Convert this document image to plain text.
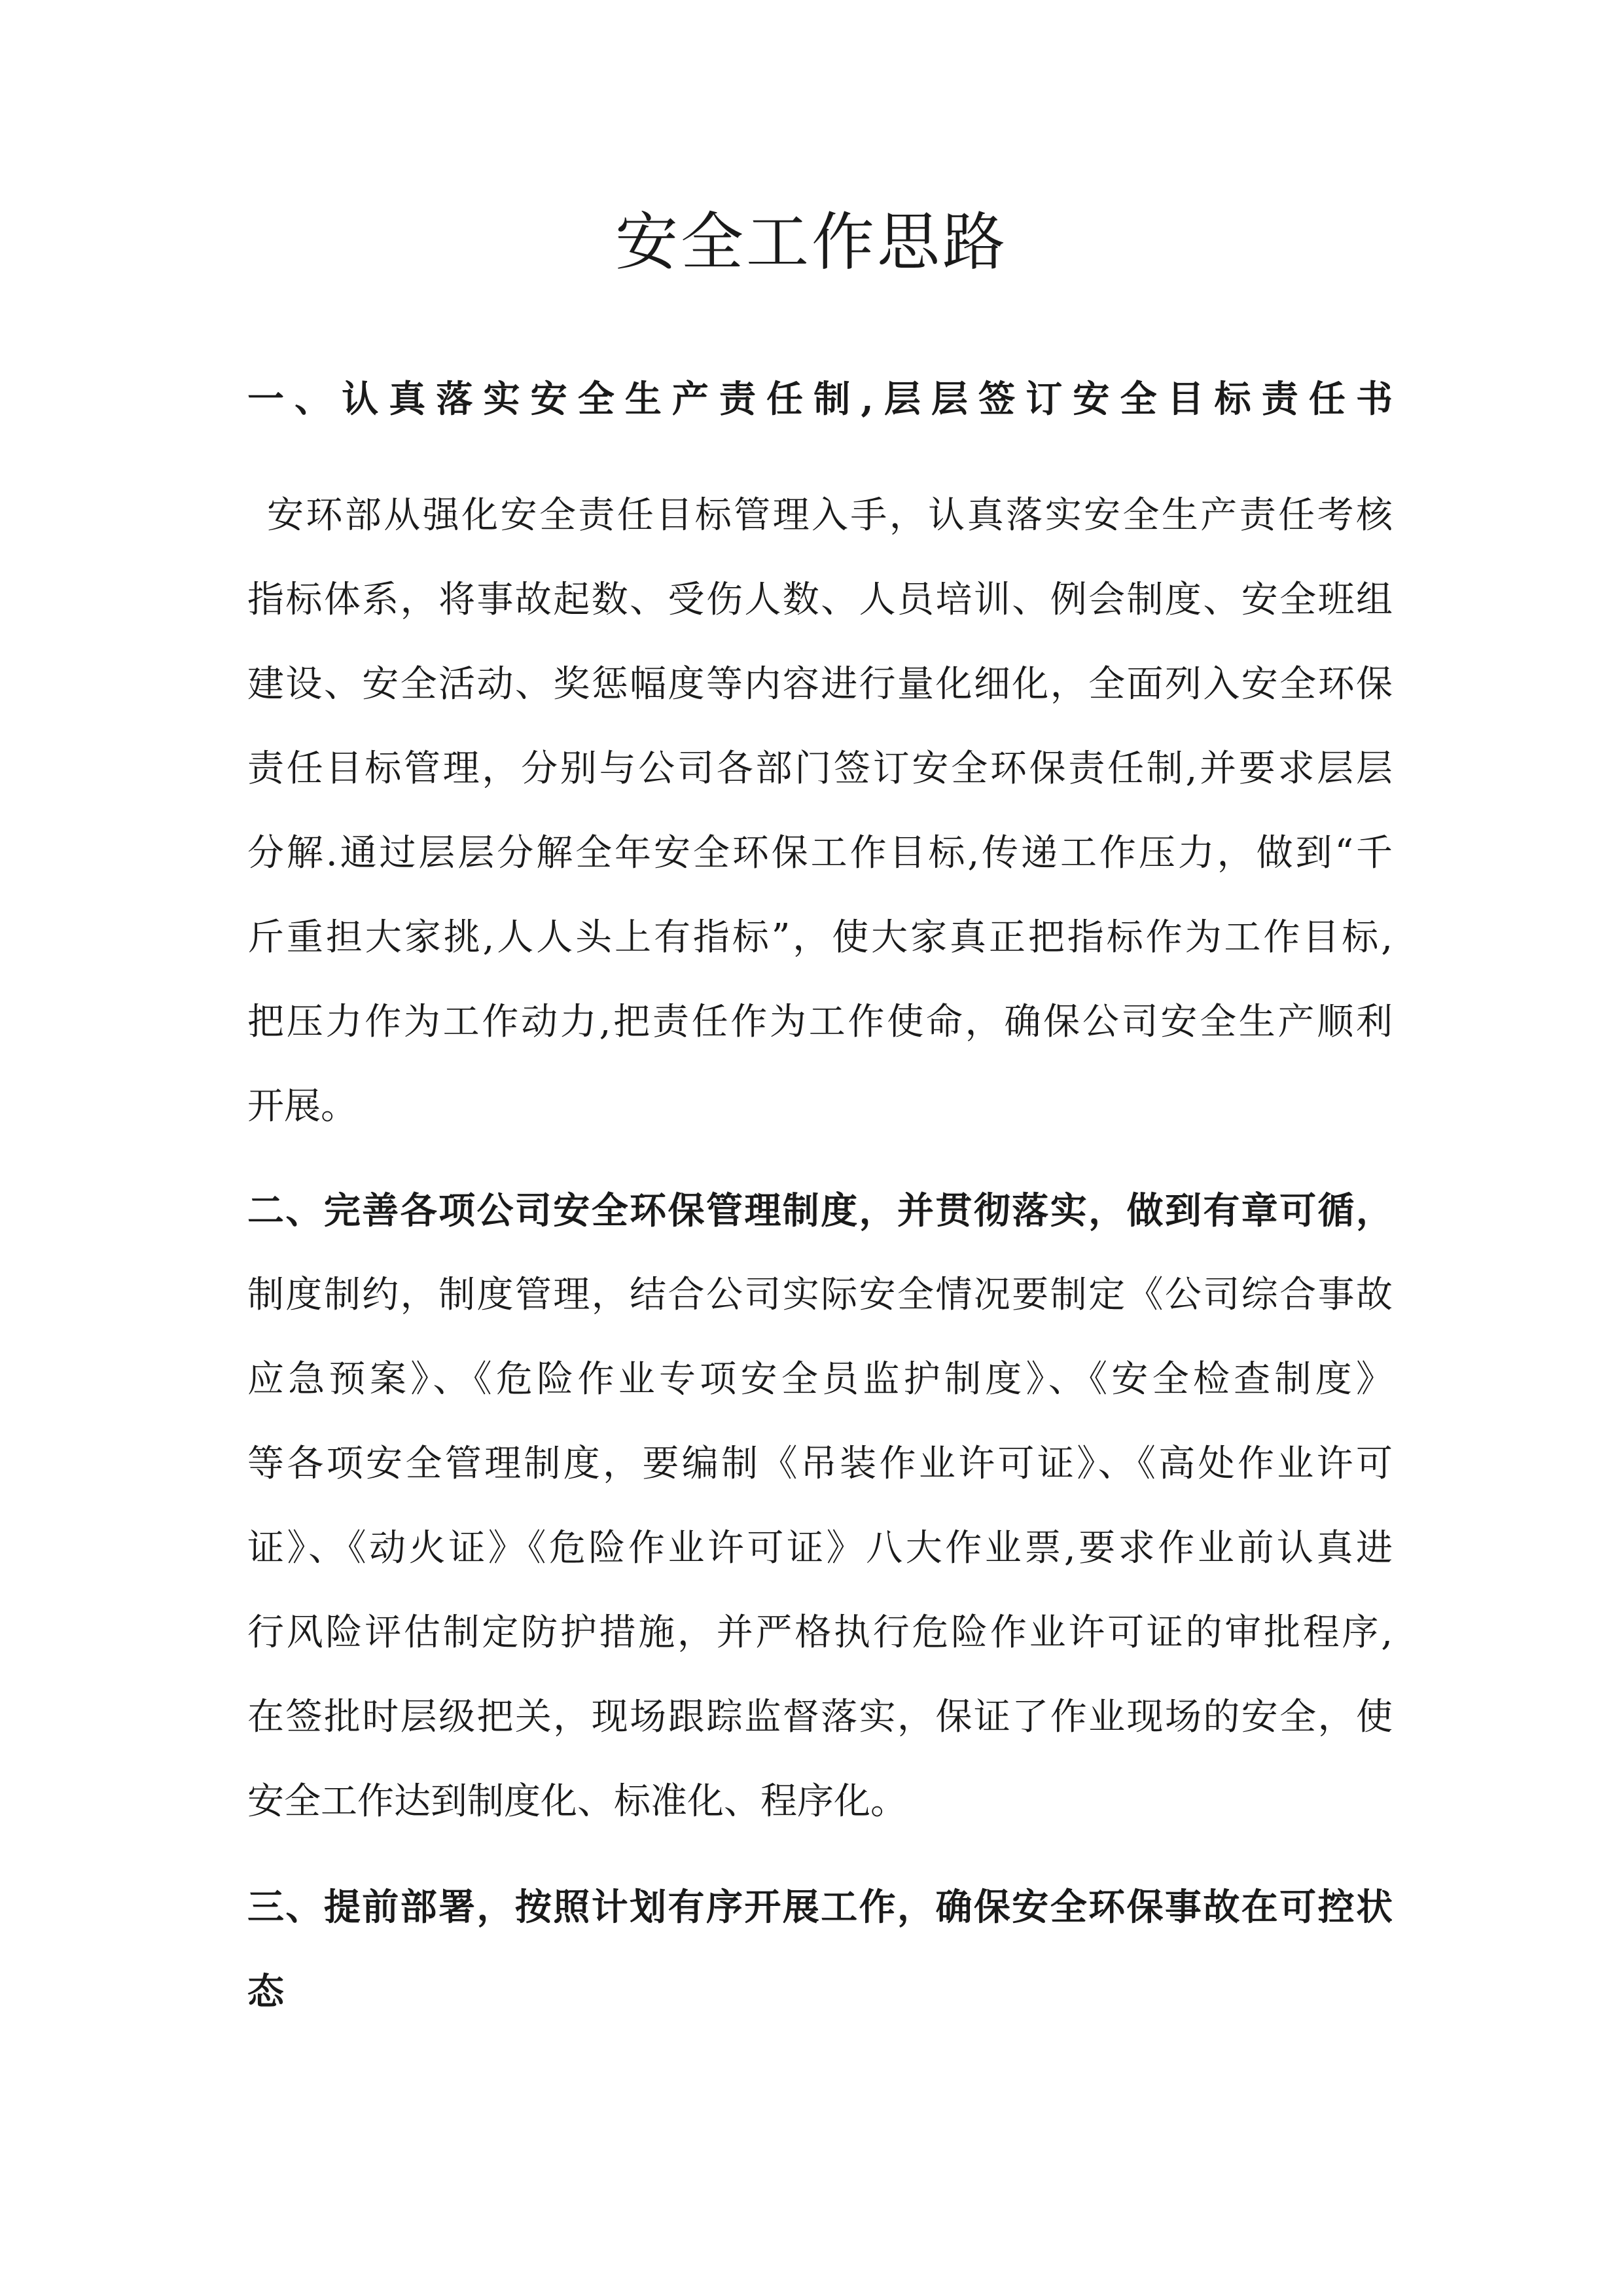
安全工作思路

一、认真落实安全生产责任制,层层签订安全目标责任书

安环部从强化安全责任目标管理入手，认真落实安全生产责任考核

指标体系，将事故起数、受伤人数、人员培训、例会制度、安全班组

建设、安全活动、奖惩幅度等内容进行量化细化，全面列入安全环保

责任目标管理，分别与公司各部门签订安全环保责任制,并要求层层

分解.通过层层分解全年安全环保工作目标,传递工作压力，做到“千

斤重担大家挑,人人头上有指标”，使大家真正把指标作为工作目标,

把压力作为工作动力,把责任作为工作使命，确保公司安全生产顺利

开展。

二、完善各项公司安全环保管理制度，并贯彻落实，做到有章可循，

制度制约，制度管理，结合公司实际安全情况要制定《公司综合事故

应急预案》、《危险作业专项安全员监护制度》、《安全检查制度》

等各项安全管理制度，要编制《吊装作业许可证》、《高处作业许可

证》、《动火证》《危险作业许可证》八大作业票,要求作业前认真进

行风险评估制定防护措施，并严格执行危险作业许可证的审批程序,

在签批时层级把关，现场跟踪监督落实，保证了作业现场的安全，使

安全工作达到制度化、标准化、程序化。

三、提前部署，按照计划有序开展工作，确保安全环保事故在可控状

态
